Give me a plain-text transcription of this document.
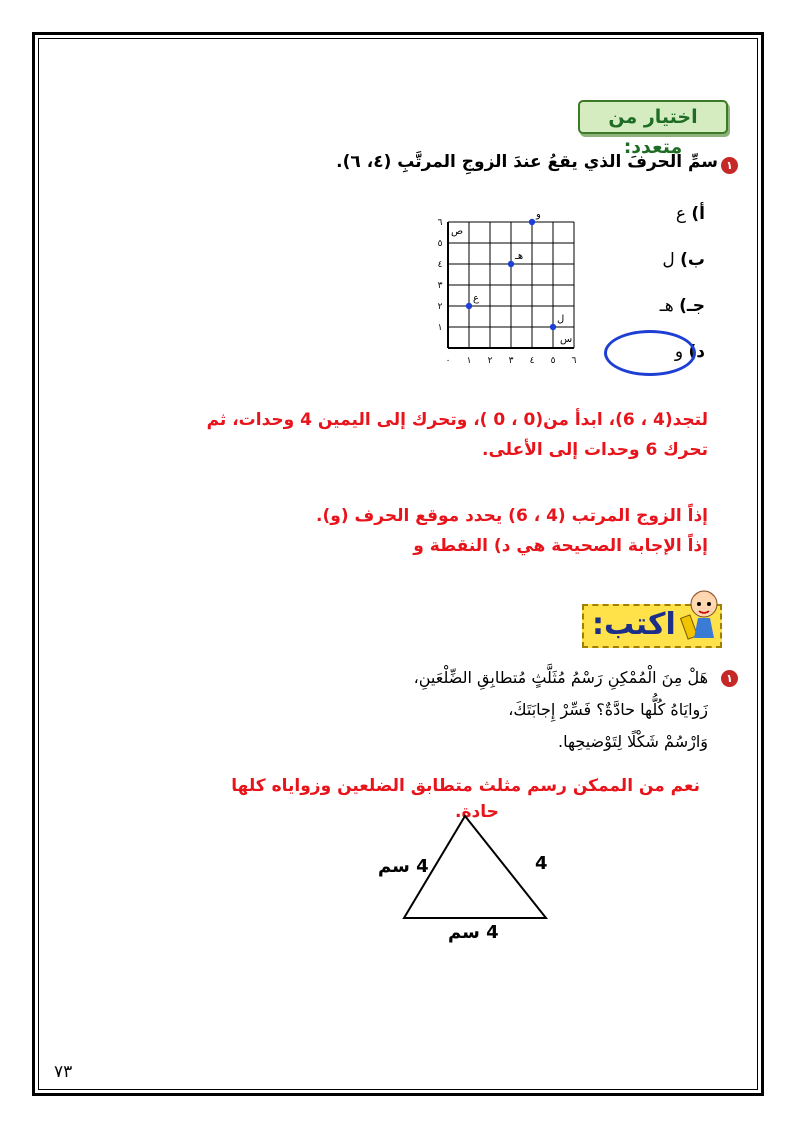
اختيار من متعدد:
١
سمِّ الحرفَ الذي يقعُ عندَ الزوجِ المرتَّبِ (٤، ٦).
أ) ع
ب) ل
جـ) هـ
د) و
٠ ١ ٢ ٣ ٤ ٥ ٦
١
٢
٣
٤
٥
٦
س
ص
ع
هـ
و
ل
لتجد(4 ، 6)، ابدأ من(0 ، 0 )، وتحرك إلى اليمين 4 وحدات، ثم
تحرك 6 وحدات إلى الأعلى.
إذاً الزوج المرتب (4 ، 6) يحدد موقع الحرف (و).
إذاً الإجابة الصحيحة هي د) النقطة و
اكتب:
١
هَلْ مِنَ الْمُمْكِنِ رَسْمُ مُثَلَّثٍ مُتطابِقِ الضِّلْعَينِ،
زَوايَاهُ كُلُّها حادَّةٌ؟ فَسِّرْ إِجابَتَكَ،
وَارْسُمْ شَكْلًا لِتَوْضيحِها.
نعم من الممكن رسم مثلث متطابق الضلعين وزواياه كلها
حادة.
4 سم	4
4 سم
٧٣
